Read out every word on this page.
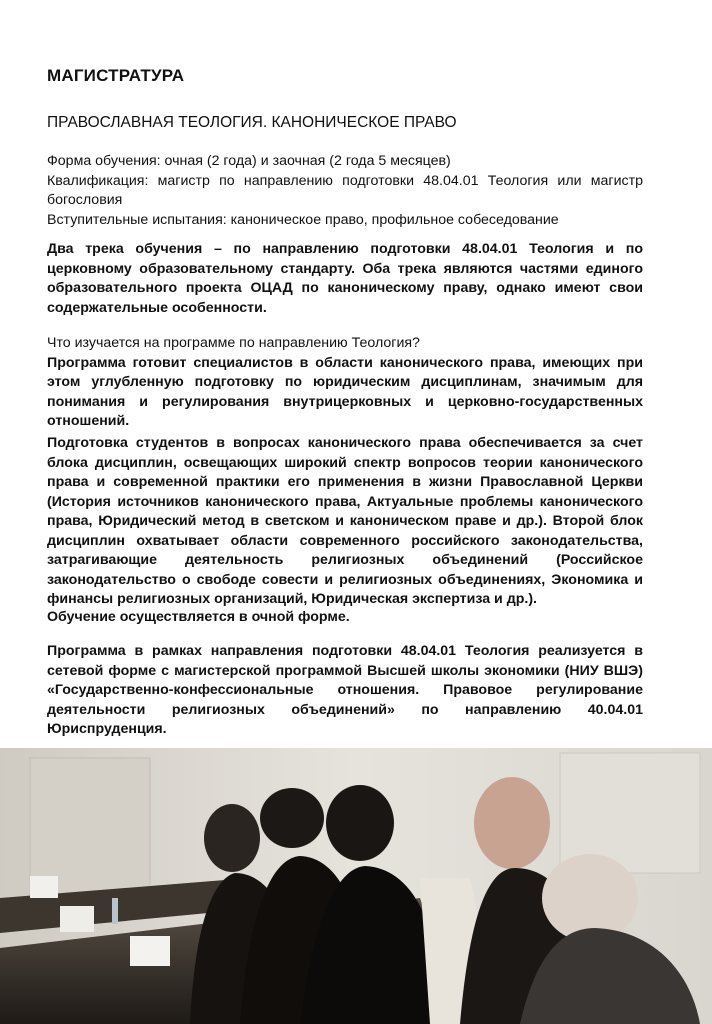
МАГИСТРАТУРА
ПРАВОСЛАВНАЯ ТЕОЛОГИЯ. КАНОНИЧЕСКОЕ ПРАВО

Форма обучения: очная (2 года) и заочная (2 года 5 месяцев)

Квалификация: магистр по направлению подготовки 48.04.01 Теология или магистр богословия

Вступительные испытания: каноническое право, профильное собеседование

Два трека обучения – по направлению подготовки 48.04.01 Теология и по церковному образовательному стандарту. Оба трека являются частями единого образовательного проекта ОЦАД по каноническому праву, однако имеют свои содержательные особенности.

Что изучается на программе по направлению Теология?
Программа готовит специалистов в области канонического права, имеющих при этом углубленную подготовку по юридическим дисциплинам, значимым для понимания и регулирования внутрицерковных и церковно-государственных отношений.

Подготовка студентов в вопросах канонического права обеспечивается за счет блока дисциплин, освещающих широкий спектр вопросов теории канонического права и современной практики его применения в жизни Православной Церкви (История источников канонического права, Актуальные проблемы канонического права, Юридический метод в светском и каноническом праве и др.). Второй блок дисциплин охватывает области современного российского законодательства, затрагивающие деятельность религиозных объединений (Российское законодательство о свободе совести и религиозных объединениях, Экономика и финансы религиозных организаций, Юридическая экспертиза и др.).

Обучение осуществляется в очной форме.

Программа в рамках направления подготовки 48.04.01 Теология реализуется в сетевой форме с магистерской программой Высшей школы экономики (НИУ ВШЭ) «Государственно-конфессиональные отношения. Правовое регулирование деятельности религиозных объединений» по направлению 40.04.01 Юриспруденция.
